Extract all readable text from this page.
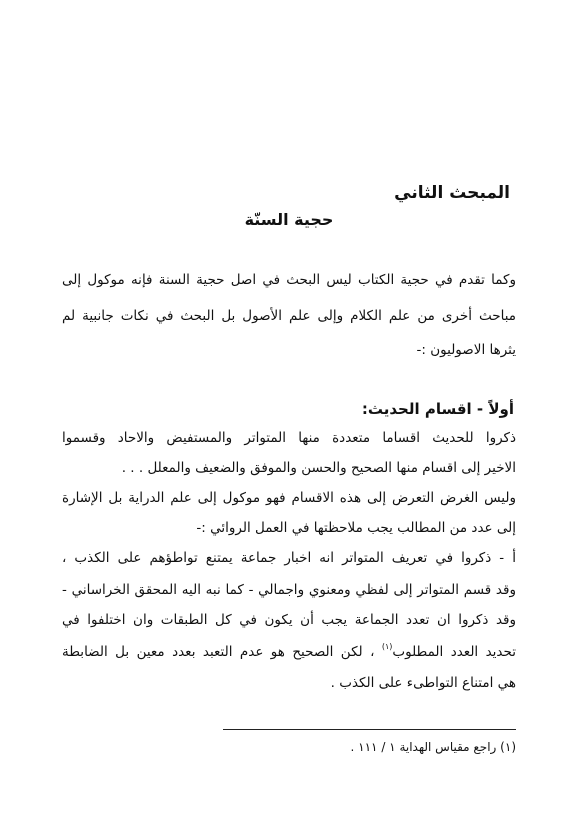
المبحث الثاني
حجية السنّة
وكما تقدم في حجية الكتاب ليس البحث في اصل حجية السنة فإنه موكول إلى
مباحث أخرى من علم الكلام وإلى علم الأصول بل البحث في نكات جانبية لم
يثرها الاصوليون :-
أولاً - اقسام الحديث:
ذكروا للحديث اقساما متعددة منها المتواتر والمستفيض والاحاد وقسموا
الاخير إلى اقسام منها الصحيح والحسن والموفق والضعيف والمعلل . . .
وليس الغرض التعرض إلى هذه الاقسام فهو موكول إلى علم الدراية بل الإشارة
إلى عدد من المطالب يجب ملاحظتها في العمل الروائي :-
أ - ذكروا في تعريف المتواتر انه اخبار جماعة يمتنع تواطؤهم على الكذب ،
وقد قسم المتواتر إلى لفظي ومعنوي واجمالي - كما نبه اليه المحقق الخراساني -
وقد ذكروا ان تعدد الجماعة يجب أن يكون في كل الطبقات وان اختلفوا في
تحديد العدد المطلوب$^{(١)}$ ، لكن الصحيح هو عدم التعبد بعدد معين بل الضابطة
هي امتناع التواطىء على الكذب .
(١) راجع مقياس الهداية ١ / ١١١ .
